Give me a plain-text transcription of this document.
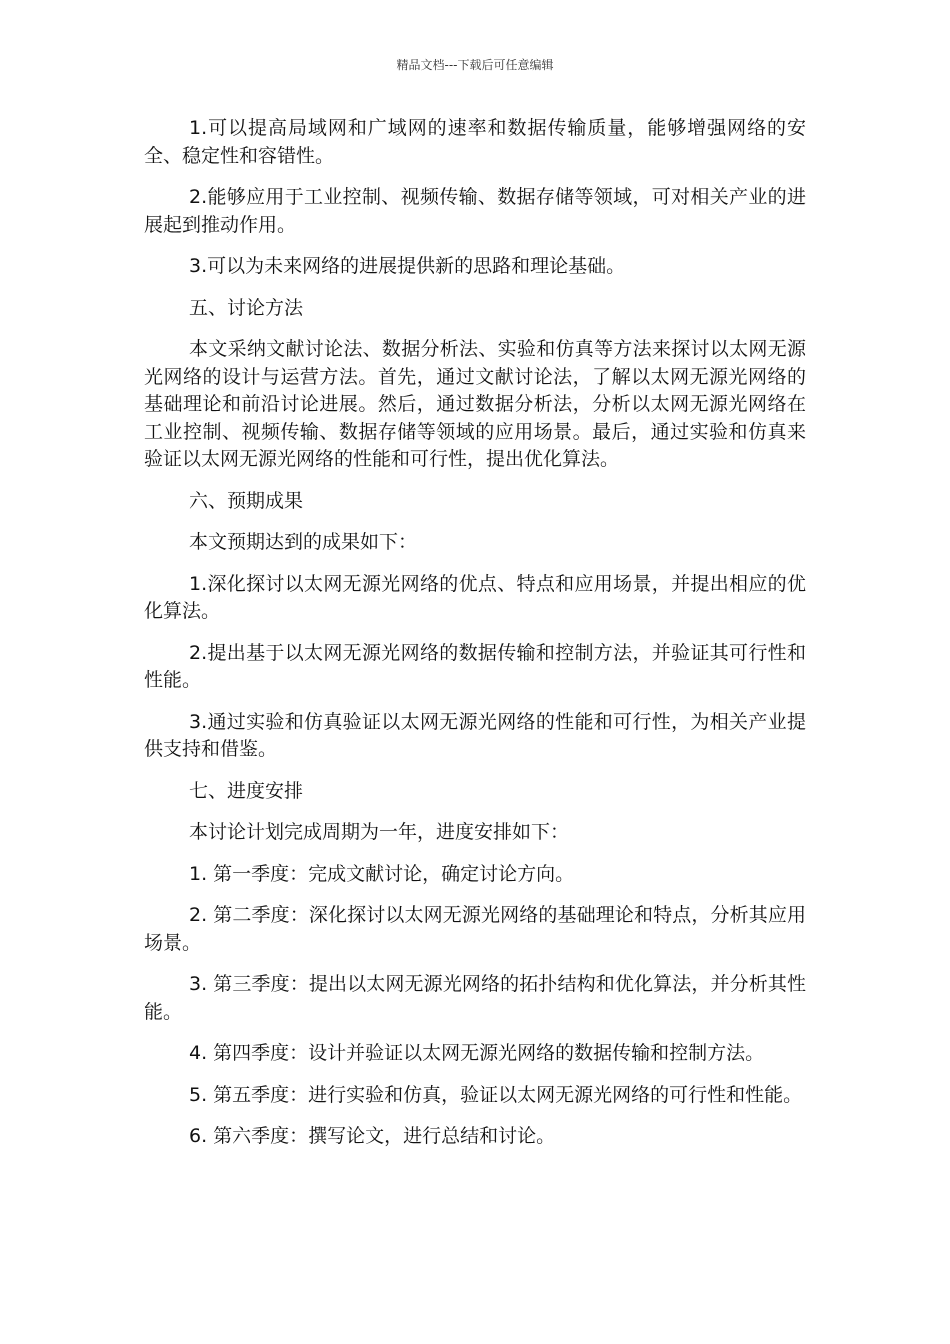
精品文档---下载后可任意编辑

1.可以提高局域网和广域网的速率和数据传输质量，能够增强网络的安全、稳定性和容错性。

2.能够应用于工业控制、视频传输、数据存储等领域，可对相关产业的进展起到推动作用。

3.可以为未来网络的进展提供新的思路和理论基础。

五、讨论方法

本文采纳文献讨论法、数据分析法、实验和仿真等方法来探讨以太网无源光网络的设计与运营方法。首先，通过文献讨论法，了解以太网无源光网络的基础理论和前沿讨论进展。然后，通过数据分析法，分析以太网无源光网络在工业控制、视频传输、数据存储等领域的应用场景。最后，通过实验和仿真来验证以太网无源光网络的性能和可行性，提出优化算法。

六、预期成果

本文预期达到的成果如下：

1.深化探讨以太网无源光网络的优点、特点和应用场景，并提出相应的优化算法。

2.提出基于以太网无源光网络的数据传输和控制方法，并验证其可行性和性能。

3.通过实验和仿真验证以太网无源光网络的性能和可行性，为相关产业提供支持和借鉴。

七、进度安排

本讨论计划完成周期为一年，进度安排如下：

1. 第一季度：完成文献讨论，确定讨论方向。

2. 第二季度：深化探讨以太网无源光网络的基础理论和特点，分析其应用场景。

3. 第三季度：提出以太网无源光网络的拓扑结构和优化算法，并分析其性能。

4. 第四季度：设计并验证以太网无源光网络的数据传输和控制方法。

5. 第五季度：进行实验和仿真，验证以太网无源光网络的可行性和性能。

6. 第六季度：撰写论文，进行总结和讨论。
